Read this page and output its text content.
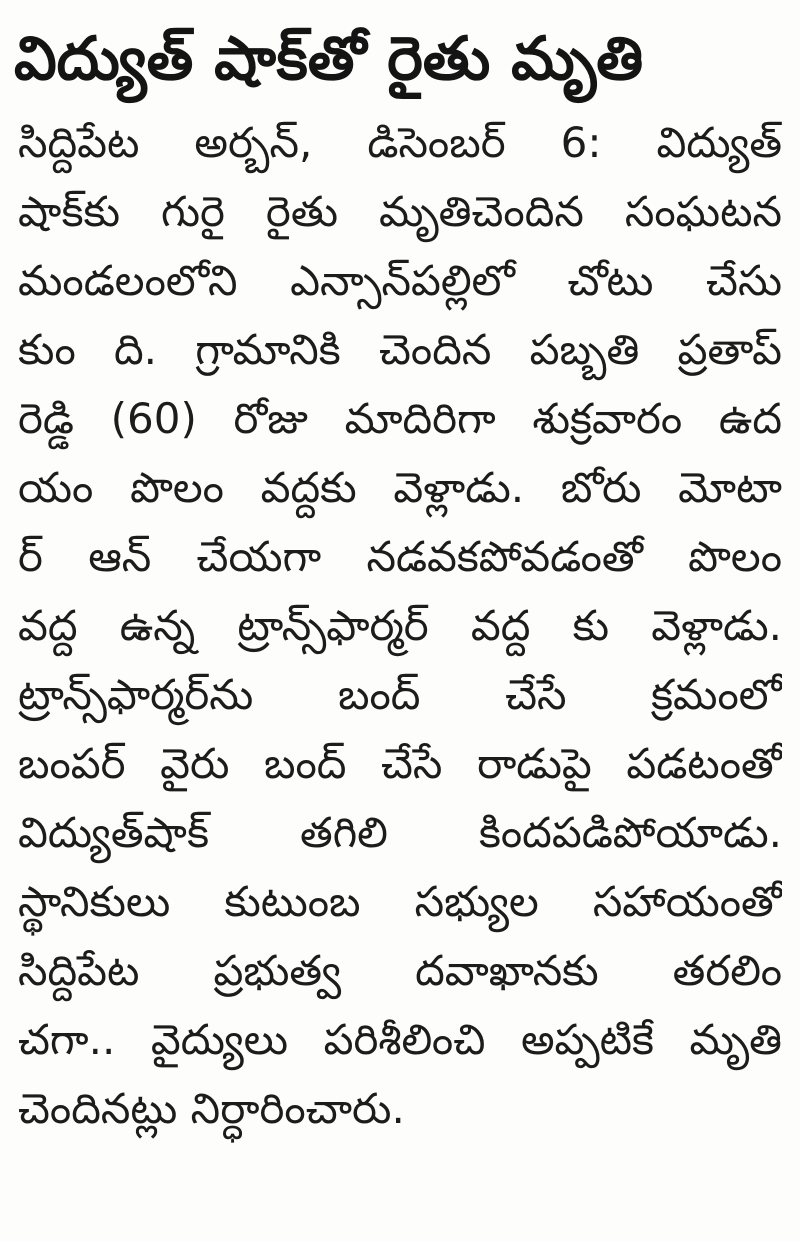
విద్యుత్ షాక్‌తో రైతు మృతి
సిద్దిపేట అర్బన్, డిసెంబర్ 6: విద్యుత్
షాక్‌కు గురై రైతు మృతిచెందిన సంఘటన
మండలంలోని ఎన్సాన్‌పల్లిలో చోటు చేసు
కుం ది. గ్రామానికి చెందిన పబ్బతి ప్రతాప్
రెడ్డి (60) రోజు మాదిరిగా శుక్రవారం ఉద
యం పొలం వద్దకు వెళ్లాడు. బోరు మోటా
ర్ ఆన్ చేయగా నడవకపోవడంతో పొలం
వద్ద ఉన్న ట్రాన్స్‌ఫార్మర్ వద్ద కు వెళ్లాడు.
ట్రాన్స్‌ఫార్మర్‌ను బంద్ చేసే క్రమంలో
బంపర్ వైరు బంద్ చేసే రాడుపై పడటంతో
విద్యుత్‌షాక్ తగిలి కిందపడిపోయాడు.
స్థానికులు కుటుంబ సభ్యుల సహాయంతో
సిద్దిపేట ప్రభుత్వ దవాఖానకు తరలిం
చగా.. వైద్యులు పరిశీలించి అప్పటికే మృతి
చెందినట్లు నిర్ధారించారు.
